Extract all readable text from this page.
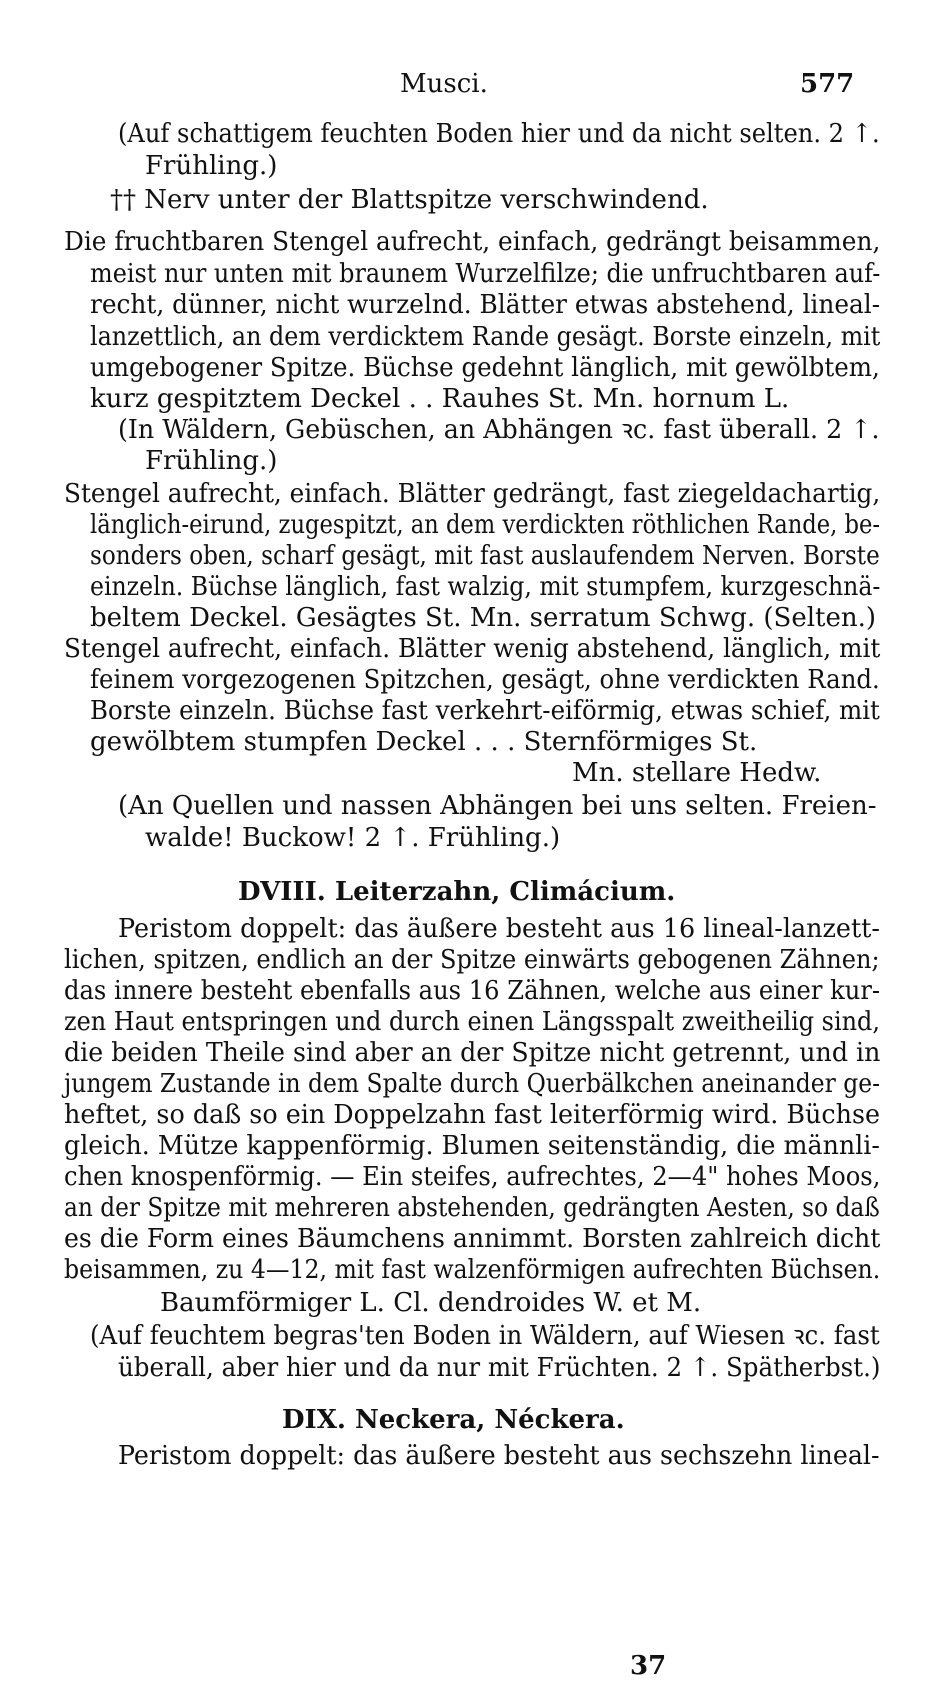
Musci.	577
(Auf schattigem feuchten Boden hier und da nicht selten. 2 ↑.
Frühling.)
†† Nerv unter der Blattspitze verschwindend.
Die fruchtbaren Stengel aufrecht, einfach, gedrängt beisammen,
meist nur unten mit braunem Wurzelfilze; die unfruchtbaren auf-
recht, dünner, nicht wurzelnd. Blätter etwas abstehend, lineal-
lanzettlich, an dem verdicktem Rande gesägt. Borste einzeln, mit
umgebogener Spitze. Büchse gedehnt länglich, mit gewölbtem,
kurz gespitztem Deckel . . Rauhes St. Mn. hornum L.
(In Wäldern, Gebüschen, an Abhängen ꝛc. fast überall. 2 ↑.
Frühling.)
Stengel aufrecht, einfach. Blätter gedrängt, fast ziegeldachartig,
länglich-eirund, zugespitzt, an dem verdickten röthlichen Rande, be-
sonders oben, scharf gesägt, mit fast auslaufendem Nerven. Borste
einzeln. Büchse länglich, fast walzig, mit stumpfem, kurzgeschnä-
beltem Deckel. Gesägtes St. Mn. serratum Schwg. (Selten.)
Stengel aufrecht, einfach. Blätter wenig abstehend, länglich, mit
feinem vorgezogenen Spitzchen, gesägt, ohne verdickten Rand.
Borste einzeln. Büchse fast verkehrt-eiförmig, etwas schief, mit
gewölbtem stumpfen Deckel . . . Sternförmiges St.
Mn. stellare Hedw.
(An Quellen und nassen Abhängen bei uns selten. Freien-
walde! Buckow! 2 ↑. Frühling.)
DVIII. Leiterzahn, Climácium.
Peristom doppelt: das äußere besteht aus 16 lineal-lanzett-
lichen, spitzen, endlich an der Spitze einwärts gebogenen Zähnen;
das innere besteht ebenfalls aus 16 Zähnen, welche aus einer kur-
zen Haut entspringen und durch einen Längsspalt zweitheilig sind,
die beiden Theile sind aber an der Spitze nicht getrennt, und in
jungem Zustande in dem Spalte durch Querbälkchen aneinander ge-
heftet, so daß so ein Doppelzahn fast leiterförmig wird. Büchse
gleich. Mütze kappenförmig. Blumen seitenständig, die männli-
chen knospenförmig. — Ein steifes, aufrechtes, 2—4" hohes Moos,
an der Spitze mit mehreren abstehenden, gedrängten Aesten, so daß
es die Form eines Bäumchens annimmt. Borsten zahlreich dicht
beisammen, zu 4—12, mit fast walzenförmigen aufrechten Büchsen.
Baumförmiger L. Cl. dendroides W. et M.
(Auf feuchtem begras'ten Boden in Wäldern, auf Wiesen ꝛc. fast
überall, aber hier und da nur mit Früchten. 2 ↑. Spätherbst.)
DIX. Neckera, Néckera.
Peristom doppelt: das äußere besteht aus sechszehn lineal-
37
